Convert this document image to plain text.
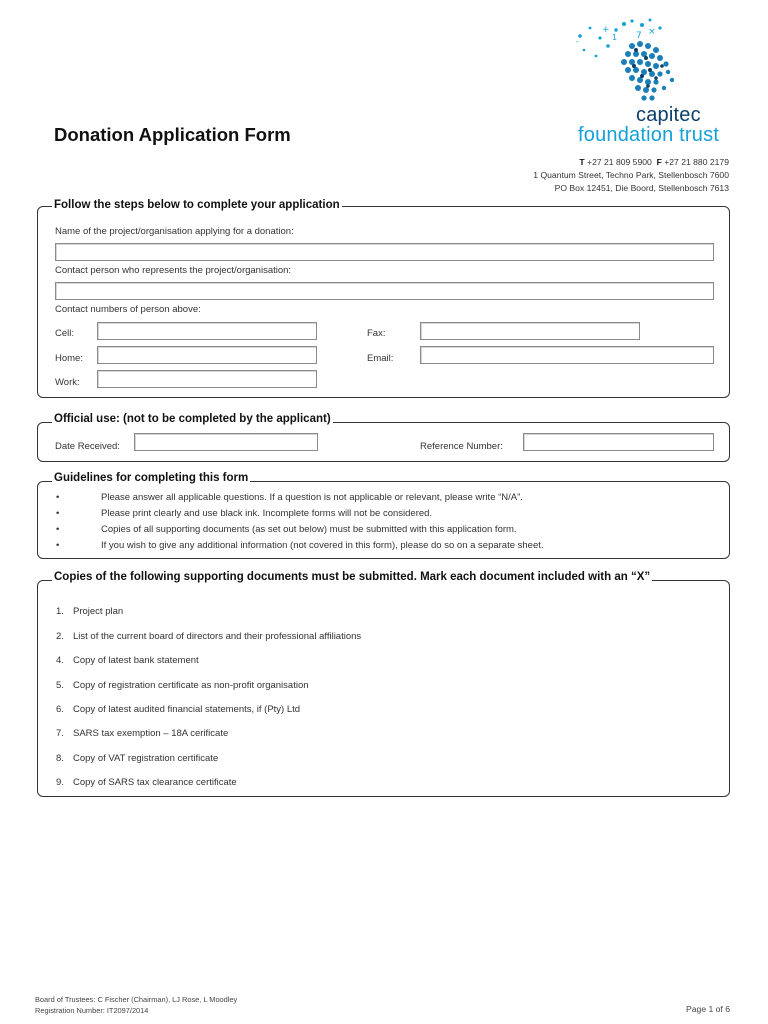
Donation Application Form
+
7 ×
-	1
capitec
foundation trust
T +27 21 809 5900 F +27 21 880 2179
1 Quantum Street, Techno Park, Stellenbosch 7600
PO Box 12451, Die Boord, Stellenbosch 7613
Follow the steps below to complete your application
Name of the project/organisation applying for a donation:
Contact person who represents the project/organisation:
Contact numbers of person above:
Cell:	Fax:
Home:	Email:
Work:
Official use: (not to be completed by the applicant)
Date Received:	Reference Number:
Guidelines for completing this form
•	Please answer all applicable questions. If a question is not applicable or relevant, please write “N/A”.
•	Please print clearly and use black ink. Incomplete forms will not be considered.
•	Copies of all supporting documents (as set out below) must be submitted with this application form.
•	If you wish to give any additional information (not covered in this form), please do so on a separate sheet.
Copies of the following supporting documents must be submitted. Mark each document included with an “X”
1. Project plan
2. List of the current board of directors and their professional affiliations
4. Copy of latest bank statement
5. Copy of registration certificate as non-profit organisation
6. Copy of latest audited financial statements, if (Pty) Ltd
7. SARS tax exemption – 18A cerificate
8. Copy of VAT registration certificate
9. Copy of SARS tax clearance certificate
Board of Trustees: C Fischer (Chairman), LJ Rose, L Moodley
Registration Number: IT2097/2014	Page 1 of 6
